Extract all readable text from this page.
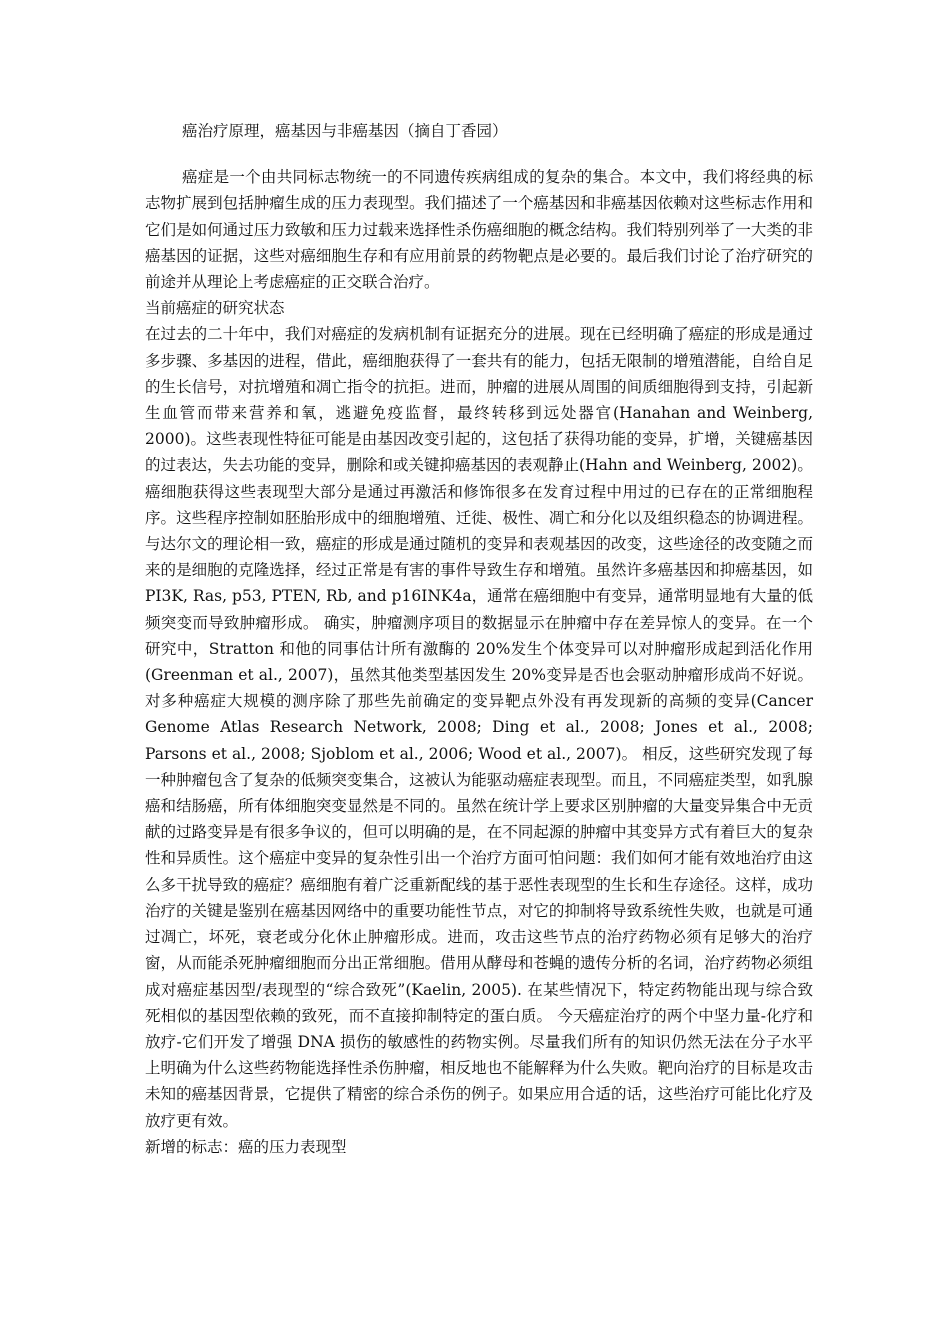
癌治疗原理，癌基因与非癌基因（摘自丁香园）

癌症是一个由共同标志物统一的不同遗传疾病组成的复杂的集合。本文中，我们将经典的标志物扩展到包括肿瘤生成的压力表现型。我们描述了一个癌基因和非癌基因依赖对这些标志作用和它们是如何通过压力致敏和压力过载来选择性杀伤癌细胞的概念结构。我们特别列举了一大类的非癌基因的证据，这些对癌细胞生存和有应用前景的药物靶点是必要的。最后我们讨论了治疗研究的前途并从理论上考虑癌症的正交联合治疗。

当前癌症的研究状态

在过去的二十年中，我们对癌症的发病机制有证据充分的进展。现在已经明确了癌症的形成是通过多步骤、多基因的进程，借此，癌细胞获得了一套共有的能力，包括无限制的增殖潜能，自给自足的生长信号，对抗增殖和凋亡指令的抗拒。进而，肿瘤的进展从周围的间质细胞得到支持，引起新生血管而带来营养和氧，逃避免疫监督，最终转移到远处器官(Hanahan and Weinberg, 2000)。这些表现性特征可能是由基因改变引起的，这包括了获得功能的变异，扩增，关键癌基因的过表达，失去功能的变异，删除和或关键抑癌基因的表观静止(Hahn and Weinberg, 2002)。

癌细胞获得这些表现型大部分是通过再激活和修饰很多在发育过程中用过的已存在的正常细胞程序。这些程序控制如胚胎形成中的细胞增殖、迁徙、极性、凋亡和分化以及组织稳态的协调进程。与达尔文的理论相一致，癌症的形成是通过随机的变异和表观基因的改变，这些途径的改变随之而来的是细胞的克隆选择，经过正常是有害的事件导致生存和增殖。虽然许多癌基因和抑癌基因，如 PI3K, Ras, p53, PTEN, Rb, and p16INK4a，通常在癌细胞中有变异，通常明显地有大量的低频突变而导致肿瘤形成。 确实，肿瘤测序项目的数据显示在肿瘤中存在差异惊人的变异。在一个研究中，Stratton 和他的同事估计所有激酶的 20%发生个体变异可以对肿瘤形成起到活化作用(Greenman et al., 2007)，虽然其他类型基因发生 20%变异是否也会驱动肿瘤形成尚不好说。对多种癌症大规模的测序除了那些先前确定的变异靶点外没有再发现新的高频的变异(Cancer Genome Atlas Research Network, 2008; Ding et al., 2008; Jones et al., 2008; Parsons et al., 2008; Sjoblom et al., 2006; Wood et al., 2007)。 相反，这些研究发现了每一种肿瘤包含了复杂的低频突变集合，这被认为能驱动癌症表现型。而且，不同癌症类型，如乳腺癌和结肠癌，所有体细胞突变显然是不同的。虽然在统计学上要求区别肿瘤的大量变异集合中无贡献的过路变异是有很多争议的，但可以明确的是，在不同起源的肿瘤中其变异方式有着巨大的复杂性和异质性。这个癌症中变异的复杂性引出一个治疗方面可怕问题：我们如何才能有效地治疗由这么多干扰导致的癌症？癌细胞有着广泛重新配线的基于恶性表现型的生长和生存途径。这样，成功治疗的关键是鉴别在癌基因网络中的重要功能性节点，对它的抑制将导致系统性失败，也就是可通过凋亡，坏死，衰老或分化休止肿瘤形成。进而，攻击这些节点的治疗药物必须有足够大的治疗窗，从而能杀死肿瘤细胞而分出正常细胞。借用从酵母和苍蝇的遗传分析的名词，治疗药物必须组成对癌症基因型/表现型的“综合致死”(Kaelin, 2005). 在某些情况下，特定药物能出现与综合致死相似的基因型依赖的致死，而不直接抑制特定的蛋白质。 今天癌症治疗的两个中坚力量-化疗和放疗-它们开发了增强 DNA 损伤的敏感性的药物实例。尽量我们所有的知识仍然无法在分子水平上明确为什么这些药物能选择性杀伤肿瘤，相反地也不能解释为什么失败。靶向治疗的目标是攻击未知的癌基因背景，它提供了精密的综合杀伤的例子。如果应用合适的话，这些治疗可能比化疗及放疗更有效。

新增的标志：癌的压力表现型
